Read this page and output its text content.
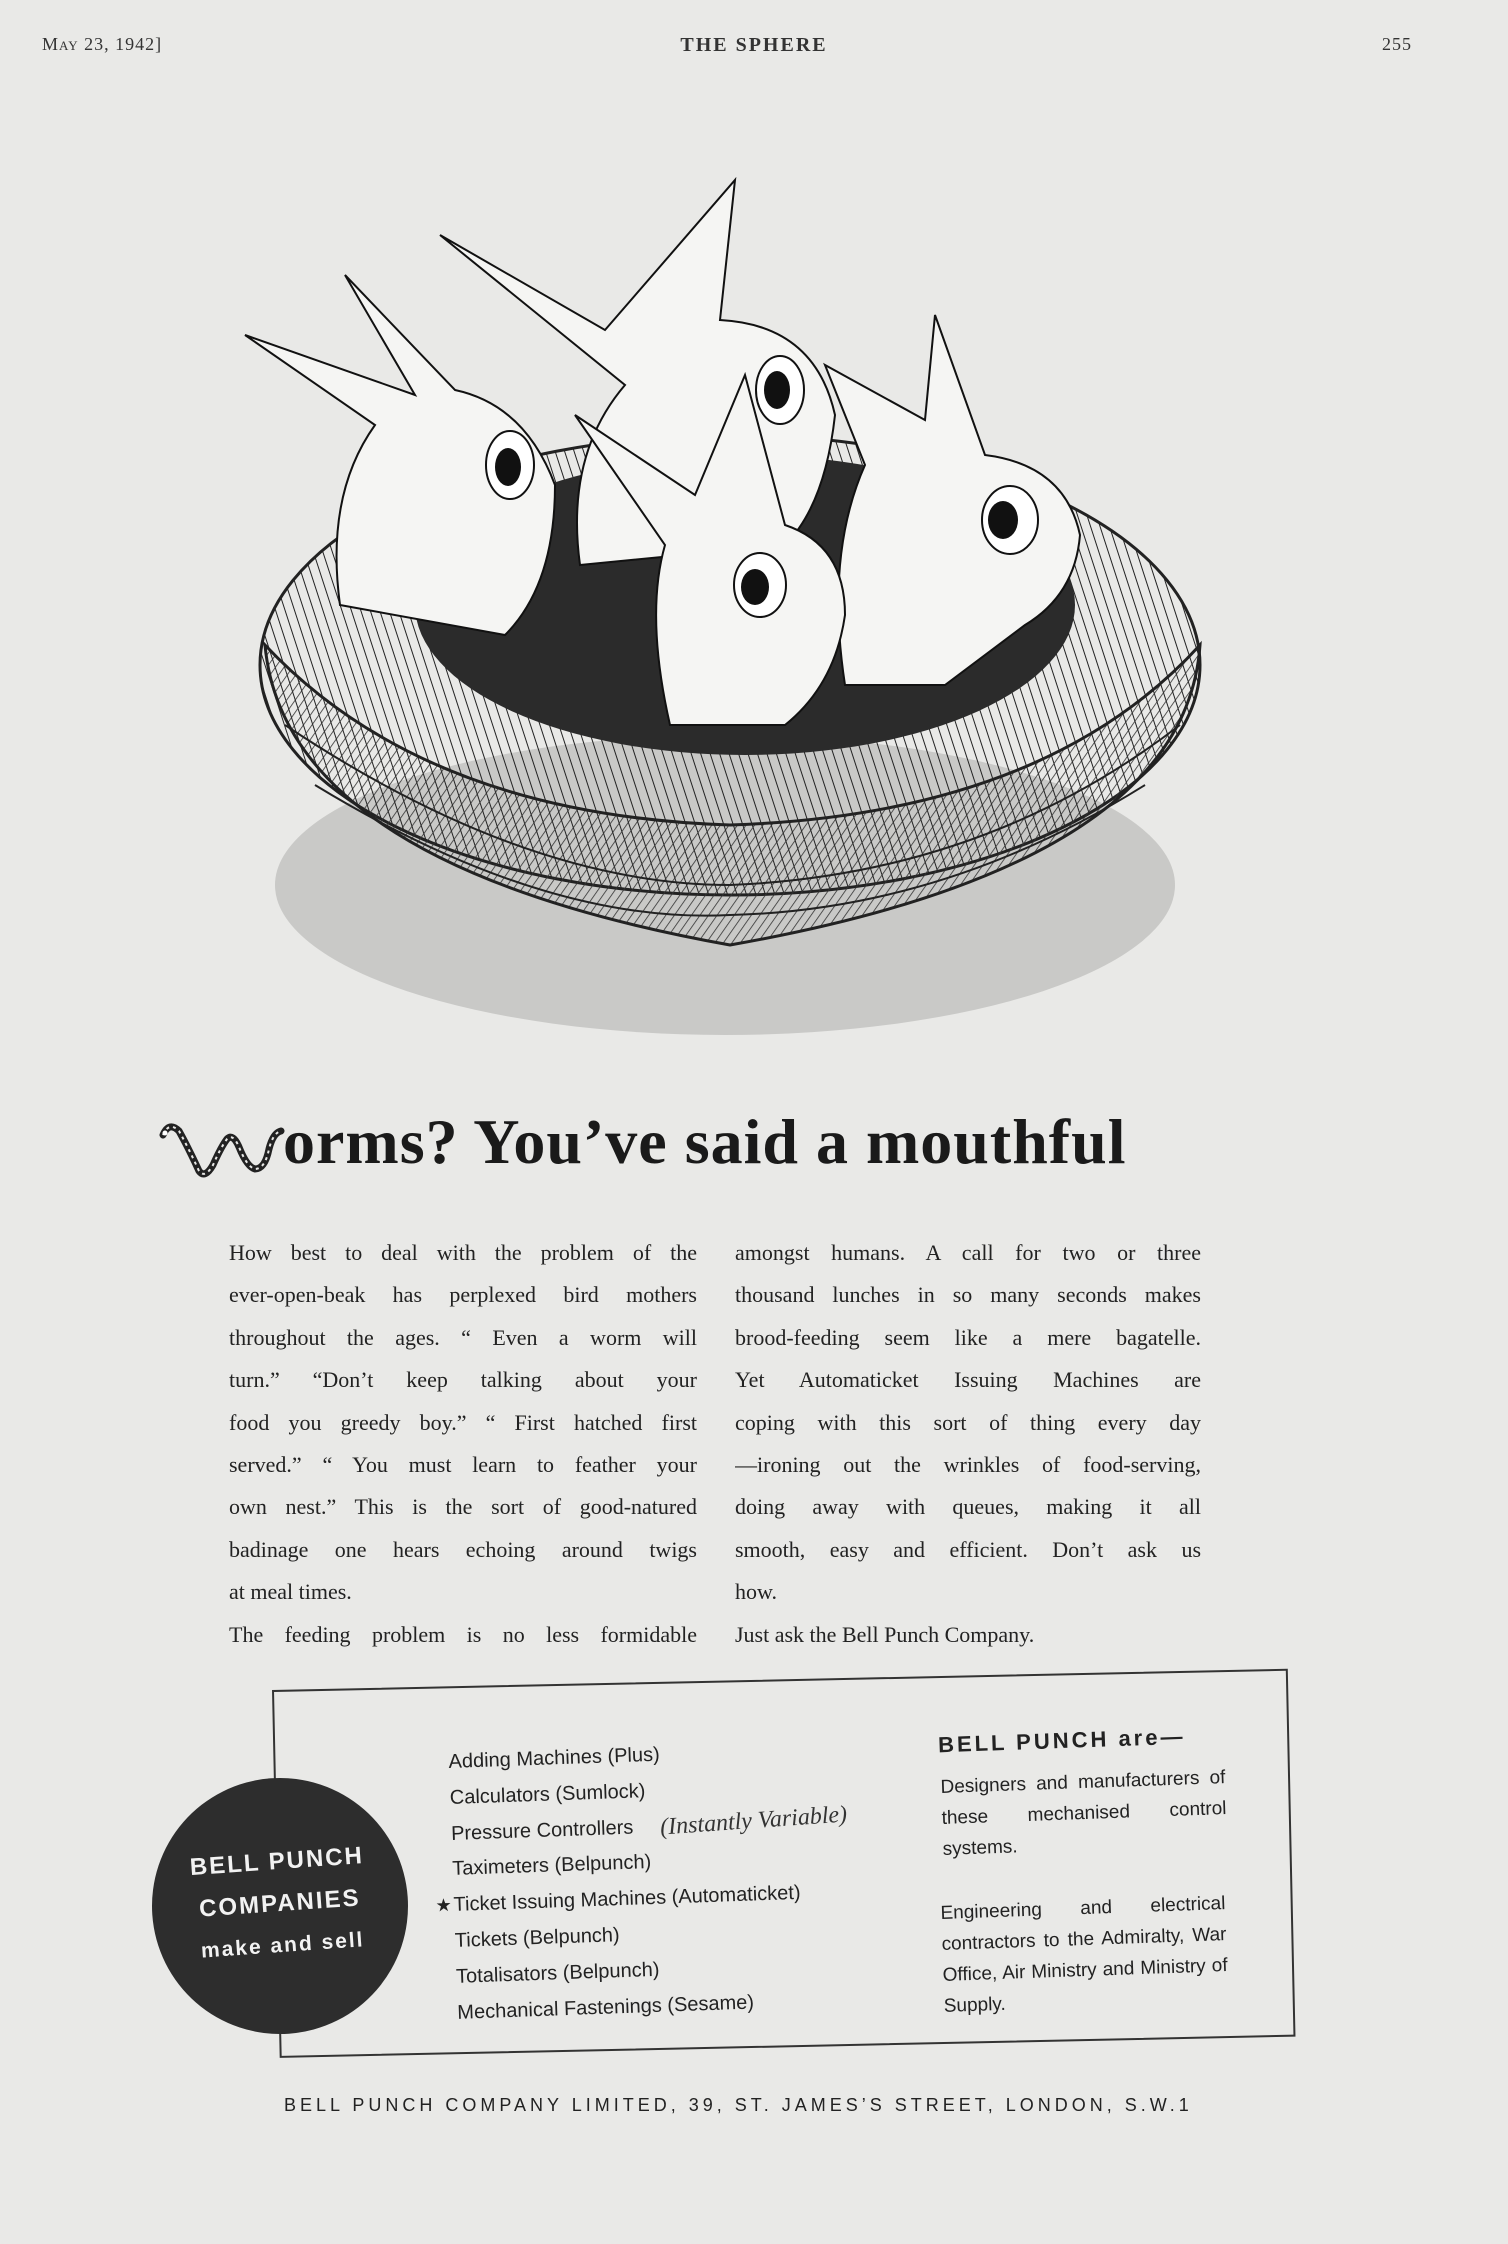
May 23, 1942]	THE SPHERE	255
orms? You’ve said a mouthful
How best to deal with the problem of the
ever-open-beak has perplexed bird mothers
throughout the ages. “ Even a worm will
turn.” “Don’t keep talking about your
food you greedy boy.” “ First hatched first
served.” “ You must learn to feather your
own nest.” This is the sort of good-natured
badinage one hears echoing around twigs
at meal times.
The feeding problem is no less formidable
amongst humans. A call for two or three
thousand lunches in so many seconds makes
brood-feeding seem like a mere bagatelle.
Yet Automaticket Issuing Machines are
coping with this sort of thing every day
—ironing out the wrinkles of food-serving,
doing away with queues, making it all
smooth, easy and efficient. Don’t ask us
how.
Just ask the Bell Punch Company.
BELL PUNCH
COMPANIES
make and sell
Adding Machines (Plus)
Calculators (Sumlock)
Pressure Controllers
Taximeters (Belpunch)
★ Ticket Issuing Machines (Automaticket)
Tickets (Belpunch)
Totalisators (Belpunch)
Mechanical Fastenings (Sesame)
(Instantly Variable)
BELL PUNCH are—
Designers and manufacturers of these mechanised control systems.
Engineering and electrical contractors to the Admiralty, War Office, Air Ministry and Ministry of Supply.
BELL PUNCH COMPANY LIMITED, 39, ST. JAMES’S STREET, LONDON, S.W.1
